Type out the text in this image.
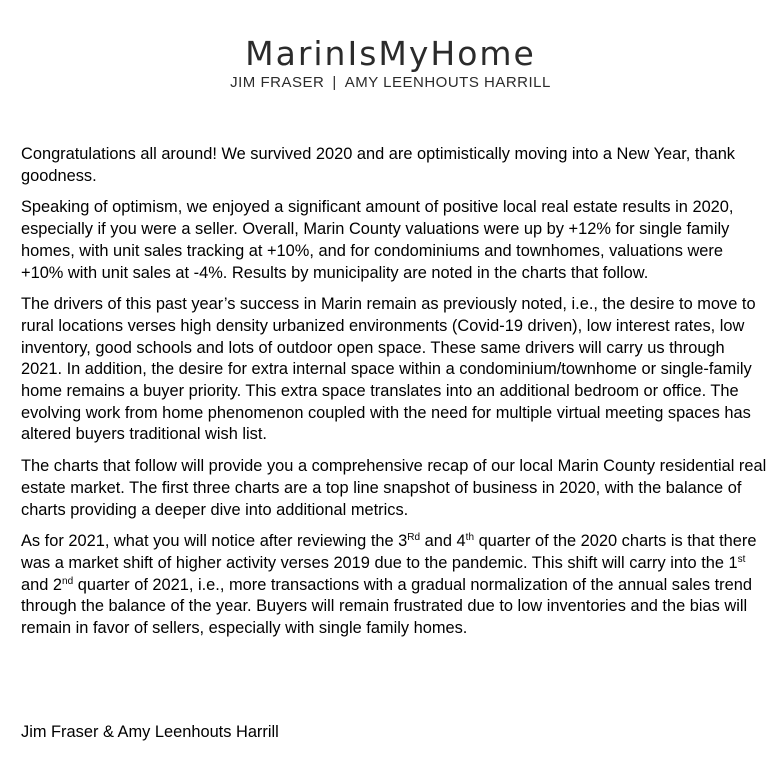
MarinIsMyHome
JIM FRASER | AMY LEENHOUTS HARRILL

Congratulations all around! We survived 2020 and are optimistically moving into a New Year, thank goodness.

Speaking of optimism, we enjoyed a significant amount of positive local real estate results in 2020, especially if you were a seller. Overall, Marin County valuations were up by +12% for single family homes, with unit sales tracking at +10%, and for condominiums and townhomes, valuations were +10% with unit sales at -4%. Results by municipality are noted in the charts that follow.

The drivers of this past year’s success in Marin remain as previously noted, i.e., the desire to move to rural locations verses high density urbanized environments (Covid-19 driven), low interest rates, low inventory, good schools and lots of outdoor open space. These same drivers will carry us through 2021. In addition, the desire for extra internal space within a condominium/townhome or single-family home remains a buyer priority. This extra space translates into an additional bedroom or office. The evolving work from home phenomenon coupled with the need for multiple virtual meeting spaces has altered buyers traditional wish list.

The charts that follow will provide you a comprehensive recap of our local Marin County residential real estate market. The first three charts are a top line snapshot of business in 2020, with the balance of charts providing a deeper dive into additional metrics.

As for 2021, what you will notice after reviewing the 3Rd and 4th quarter of the 2020 charts is that there was a market shift of higher activity verses 2019 due to the pandemic. This shift will carry into the 1st and 2nd quarter of 2021, i.e., more transactions with a gradual normalization of the annual sales trend through the balance of the year. Buyers will remain frustrated due to low inventories and the bias will remain in favor of sellers, especially with single family homes.

Jim Fraser & Amy Leenhouts Harrill
